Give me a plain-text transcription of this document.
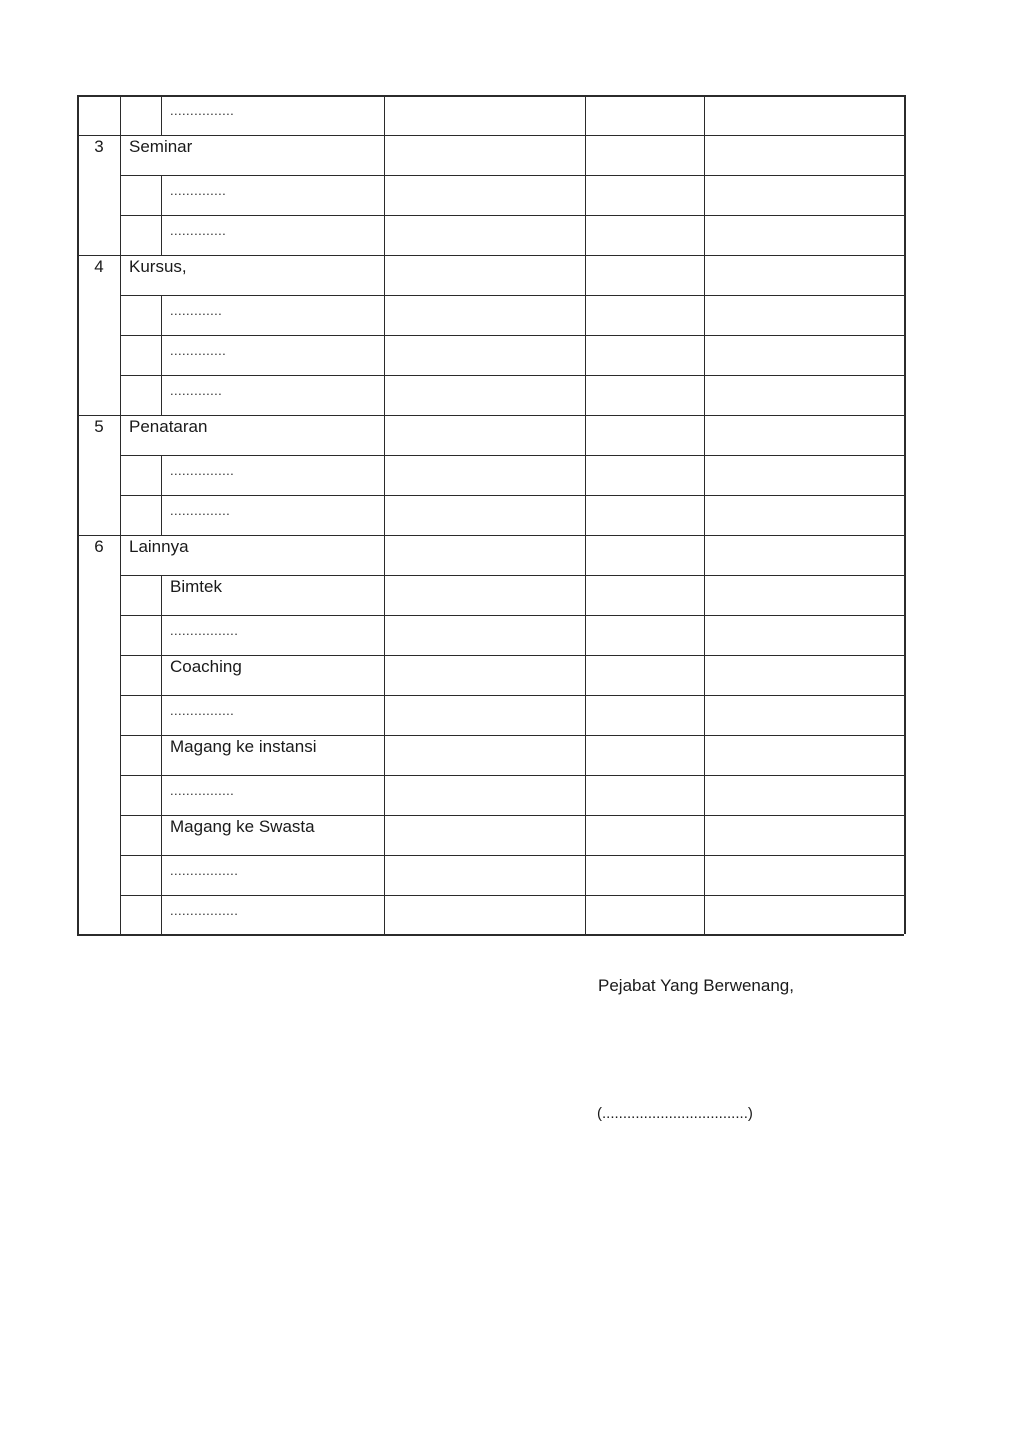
................
3	Seminar
..............
..............
4	Kursus,
.............
..............
.............
5	Penataran
................
...............
6	Lainnya
Bimtek
.................
Coaching
................
Magang ke instansi
................
Magang ke Swasta
.................
.................
Pejabat Yang Berwenang,
(...................................)
